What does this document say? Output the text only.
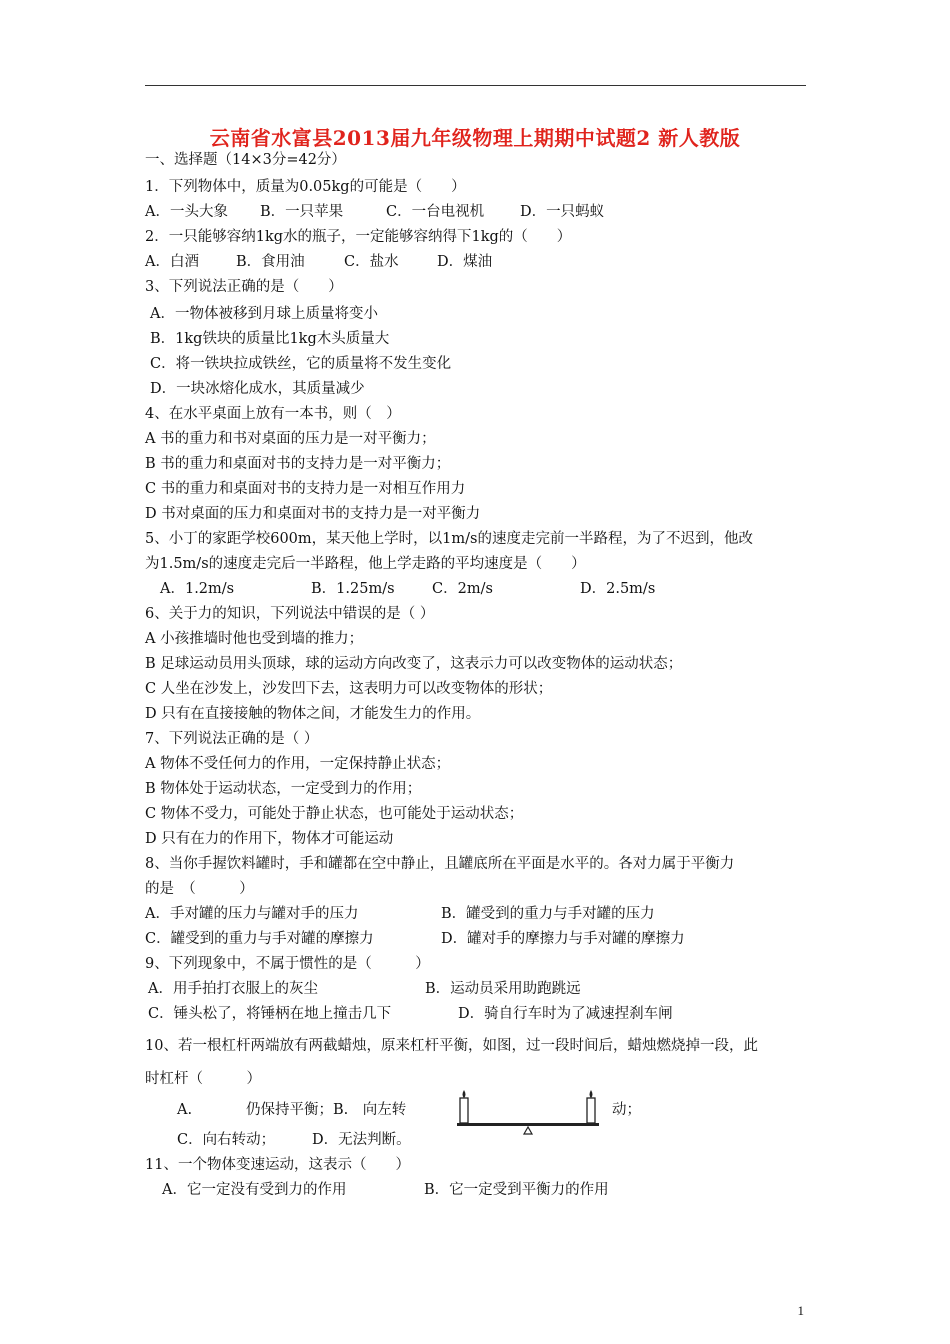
云南省水富县2013届九年级物理上期期中试题2 新人教版
一、选择题（14×3分=42分）
1．下列物体中，质量为0.05kg的可能是（　　）
A．一头大象 B．一只苹果	C．一台电视机 D．一只蚂蚁
2．一只能够容纳1kg水的瓶子，一定能够容纳得下1kg的（　　）
A．白酒	B．食用油	C．盐水	D．煤油
3、下列说法正确的是（　　）
A．一物体被移到月球上质量将变小
B．1kg铁块的质量比1kg木头质量大
C．将一铁块拉成铁丝，它的质量将不发生变化
D．一块冰熔化成水，其质量减少
4、在水平桌面上放有一本书，则（　）
A 书的重力和书对桌面的压力是一对平衡力；
B 书的重力和桌面对书的支持力是一对平衡力；
C 书的重力和桌面对书的支持力是一对相互作用力
D 书对桌面的压力和桌面对书的支持力是一对平衡力
5、小丁的家距学校600m，某天他上学时，以1m/s的速度走完前一半路程，为了不迟到，他改
为1.5m/s的速度走完后一半路程，他上学走路的平均速度是（　　）
A．1.2m/s	B．1.25m/s	C．2m/s	D．2.5m/s
6、关于力的知识，下列说法中错误的是（ ）
A 小孩推墙时他也受到墙的推力；
B 足球运动员用头顶球，球的运动方向改变了，这表示力可以改变物体的运动状态；
C 人坐在沙发上，沙发凹下去，这表明力可以改变物体的形状；
D 只有在直接接触的物体之间，才能发生力的作用。
7、下列说法正确的是（ ）
A 物体不受任何力的作用，一定保持静止状态；
B 物体处于运动状态，一定受到力的作用；
C 物体不受力，可能处于静止状态，也可能处于运动状态；
D 只有在力的作用下，物体才可能运动
8、当你手握饮料罐时，手和罐都在空中静止，且罐底所在平面是水平的。各对力属于平衡力
的是　（　　　）
A．手对罐的压力与罐对手的压力	B．罐受到的重力与手对罐的压力
C．罐受到的重力与手对罐的摩擦力	D．罐对手的摩擦力与手对罐的摩擦力
9、下列现象中，不属于惯性的是（　　　）
A．用手拍打衣服上的灰尘	B．运动员采用助跑跳远
C．锤头松了，将锤柄在地上撞击几下	D．骑自行车时为了减速捏刹车闸
10、若一根杠杆两端放有两截蜡烛，原来杠杆平衡，如图，过一段时间后，蜡烛燃烧掉一段，此
时杠杆（　　　）
A.	仍保持平衡；B.　向左转	动；
C．向右转动；	D．无法判断。
11、一个物体变速运动，这表示（　　）
A．它一定没有受到力的作用	B．它一定受到平衡力的作用
1
